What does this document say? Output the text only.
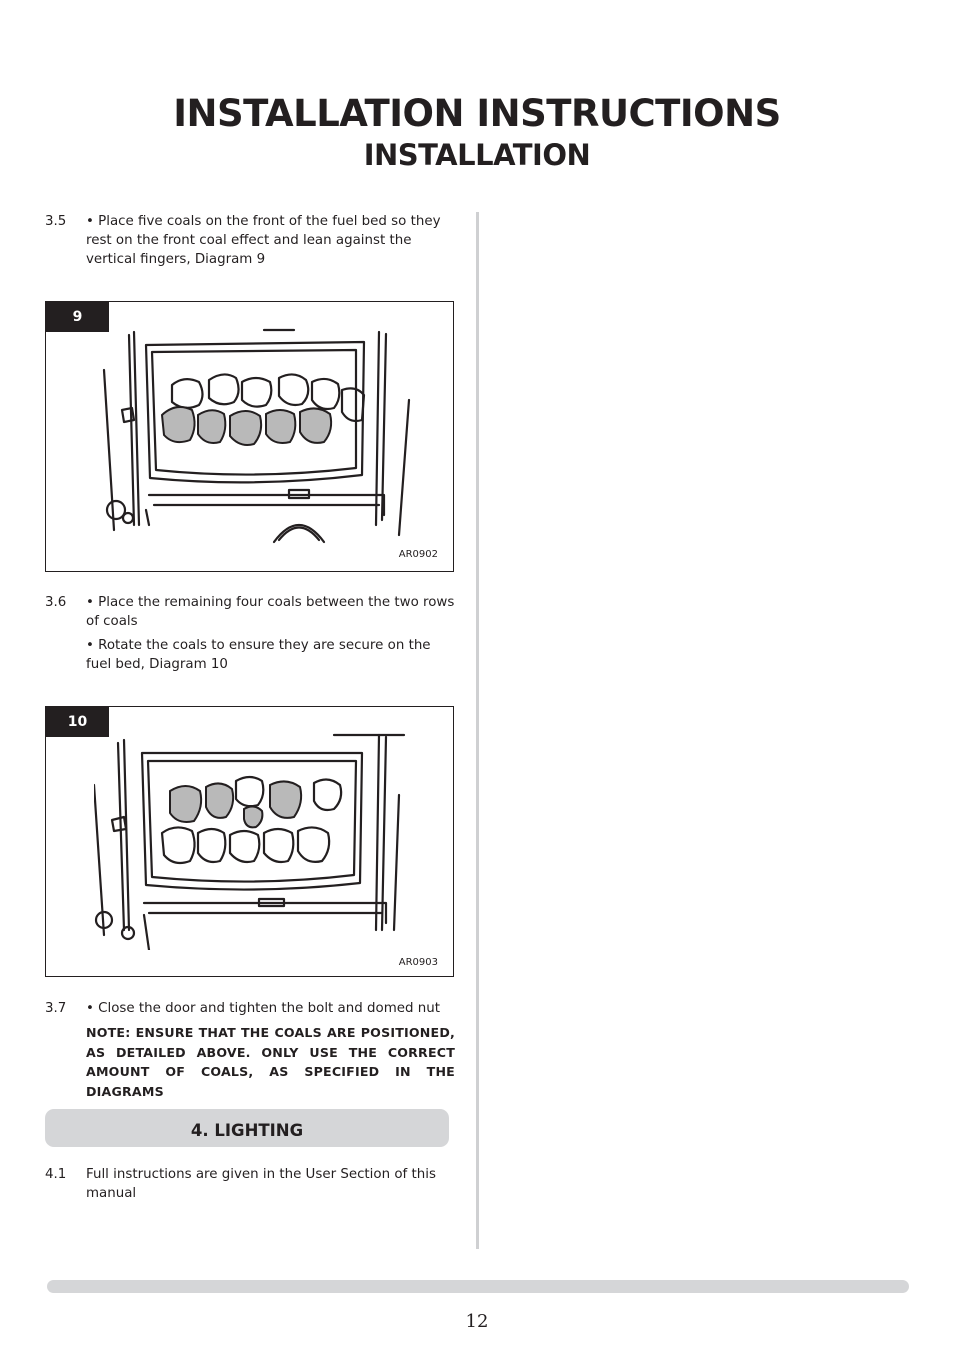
INSTALLATION INSTRUCTIONS
INSTALLATION
3.5	• Place five coals on the front of the fuel bed so they rest on the front coal effect and lean against the vertical fingers, Diagram 9

9
AR0902
3.6	• Place the remaining four coals between the two rows of coals

• Rotate the coals to ensure they are secure on the fuel bed, Diagram 10

10
AR0903
3.7	• Close the door and tighten the bolt and domed nut

NOTE: ENSURE THAT THE COALS ARE POSITIONED, AS DETAILED ABOVE. ONLY USE THE CORRECT AMOUNT OF COALS, AS SPECIFIED IN THE DIAGRAMS

4. LIGHTING
4.1	Full instructions are given in the User Section of this manual

12
